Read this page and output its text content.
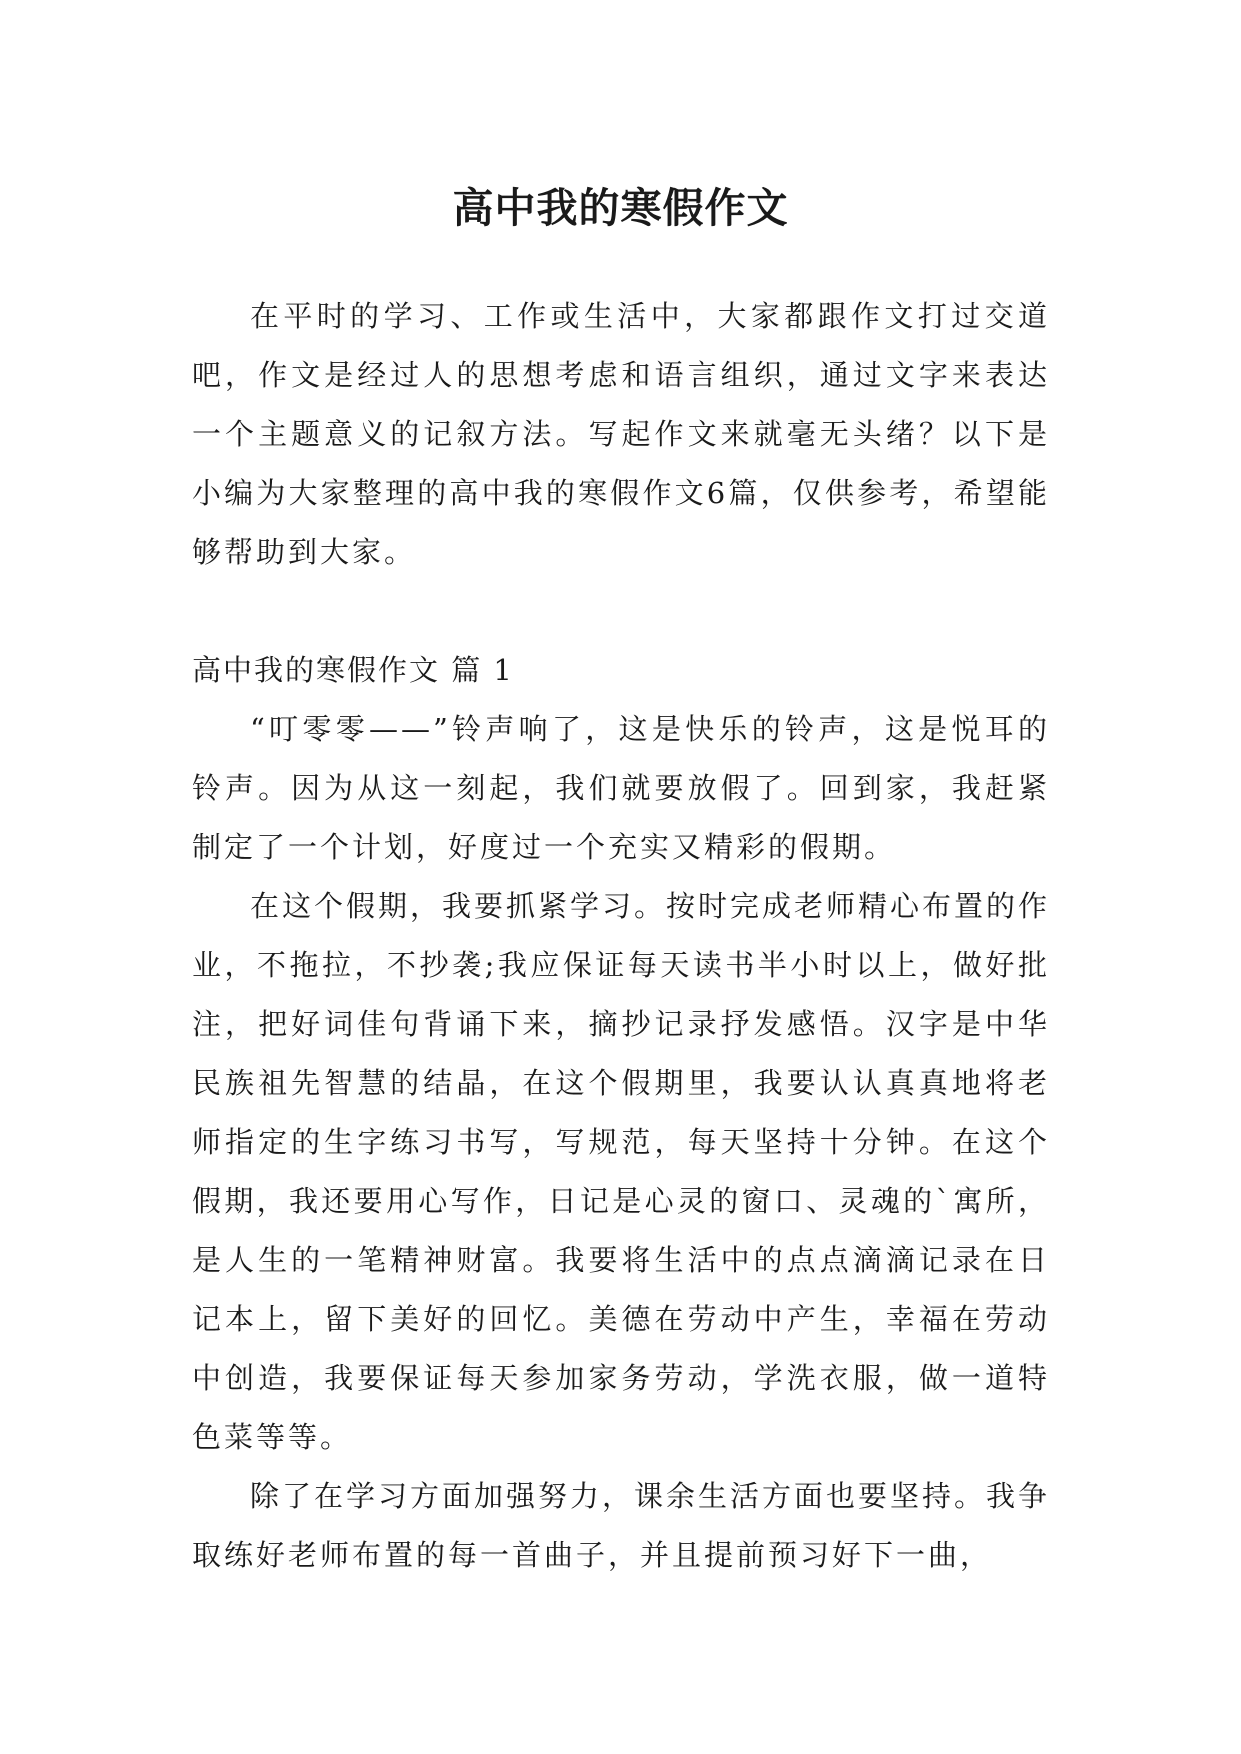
高中我的寒假作文

在平时的学习、工作或生活中，大家都跟作文打过交道吧，作文是经过人的思想考虑和语言组织，通过文字来表达一个主题意义的记叙方法。写起作文来就毫无头绪？以下是小编为大家整理的高中我的寒假作文6篇，仅供参考，希望能够帮助到大家。

高中我的寒假作文 篇 1

“叮零零——”铃声响了，这是快乐的铃声，这是悦耳的铃声。因为从这一刻起，我们就要放假了。回到家，我赶紧制定了一个计划，好度过一个充实又精彩的假期。

在这个假期，我要抓紧学习。按时完成老师精心布置的作业，不拖拉，不抄袭;我应保证每天读书半小时以上，做好批注，把好词佳句背诵下来，摘抄记录抒发感悟。汉字是中华民族祖先智慧的结晶，在这个假期里，我要认认真真地将老师指定的生字练习书写，写规范，每天坚持十分钟。在这个假期，我还要用心写作，日记是心灵的窗口、灵魂的`寓所，是人生的一笔精神财富。我要将生活中的点点滴滴记录在日记本上，留下美好的回忆。美德在劳动中产生，幸福在劳动中创造，我要保证每天参加家务劳动，学洗衣服，做一道特色菜等等。

除了在学习方面加强努力，课余生活方面也要坚持。我争取练好老师布置的每一首曲子，并且提前预习好下一曲，
